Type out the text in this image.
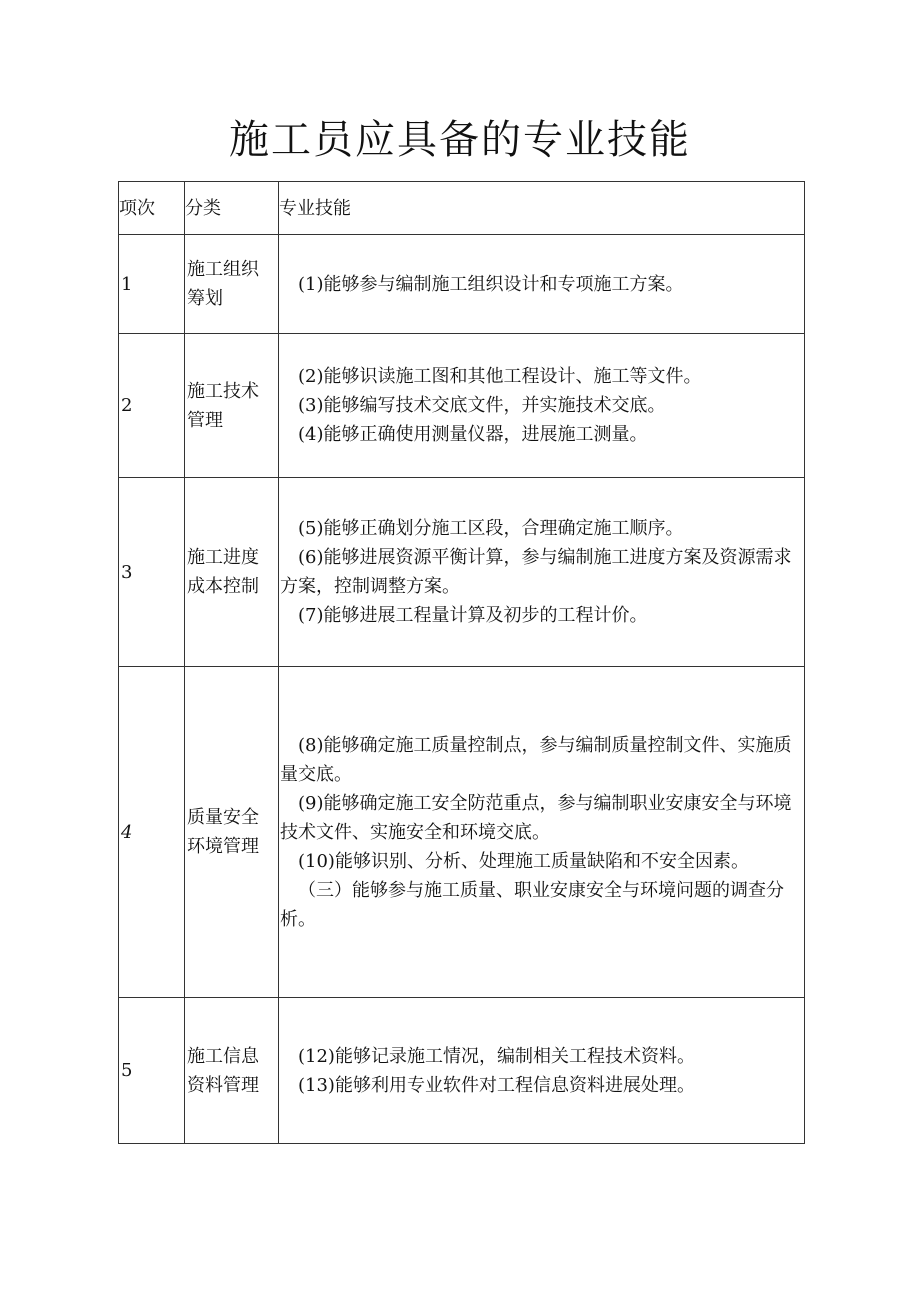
施工员应具备的专业技能
项次	分类	专业技能
1	施工组织筹划	(1)能够参与编制施工组织设计和专项施工方案。

2	施工技术管理	(2)能够识读施工图和其他工程设计、施工等文件。
(3)能够编写技术交底文件，并实施技术交底。
(4)能够正确使用测量仪器，进展施工测量。

3	施工进度成本控制	(5)能够正确划分施工区段，合理确定施工顺序。
(6)能够进展资源平衡计算，参与编制施工进度方案及资源需求方案，控制调整方案。
(7)能够进展工程量计算及初步的工程计价。

4	质量安全环境管理	(8)能够确定施工质量控制点，参与编制质量控制文件、实施质量交底。
(9)能够确定施工安全防范重点，参与编制职业安康安全与环境技术文件、实施安全和环境交底。
(10)能够识别、分析、处理施工质量缺陷和不安全因素。
（三）能够参与施工质量、职业安康安全与环境问题的调查分析。

5	施工信息资料管理	(12)能够记录施工情况，编制相关工程技术资料。
(13)能够利用专业软件对工程信息资料进展处理。
